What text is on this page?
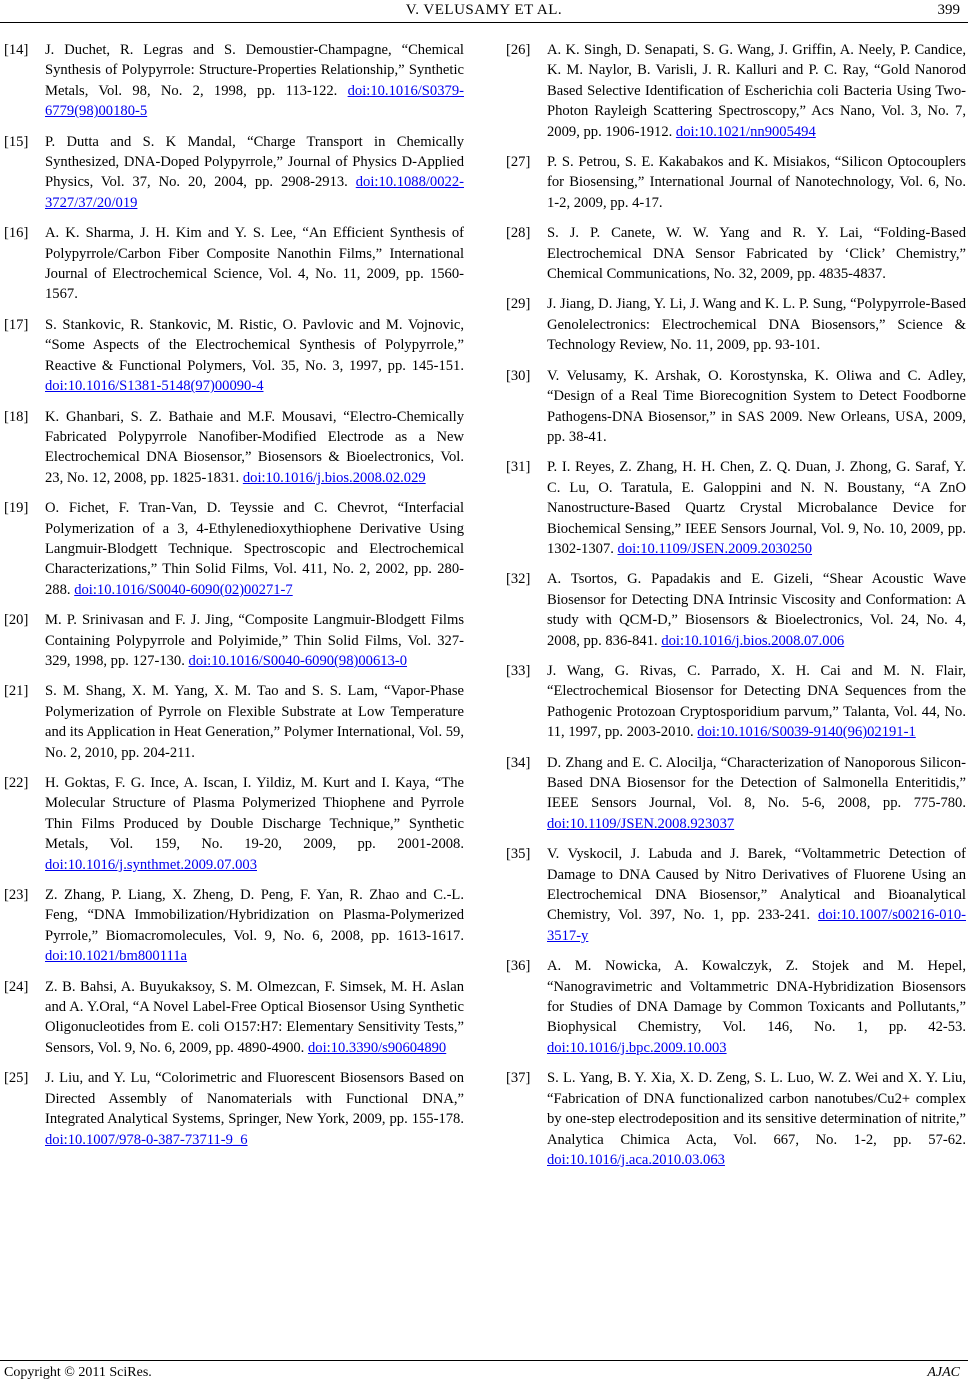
V. VELUSAMY ET AL.	399
[14] J. Duchet, R. Legras and S. Demoustier-Champagne, “Chemical Synthesis of Polypyrrole: Structure-Properties Relationship,” Synthetic Metals, Vol. 98, No. 2, 1998, pp. 113-122. doi:10.1016/S0379-6779(98)00180-5
[15] P. Dutta and S. K Mandal, “Charge Transport in Chemically Synthesized, DNA-Doped Polypyrrole,” Journal of Physics D-Applied Physics, Vol. 37, No. 20, 2004, pp. 2908-2913. doi:10.1088/0022-3727/37/20/019
[16] A. K. Sharma, J. H. Kim and Y. S. Lee, “An Efficient Synthesis of Polypyrrole/Carbon Fiber Composite Nanothin Films,” International Journal of Electrochemical Science, Vol. 4, No. 11, 2009, pp. 1560-1567.
[17] S. Stankovic, R. Stankovic, M. Ristic, O. Pavlovic and M. Vojnovic, “Some Aspects of the Electrochemical Synthesis of Polypyrrole,” Reactive & Functional Polymers, Vol. 35, No. 3, 1997, pp. 145-151. doi:10.1016/S1381-5148(97)00090-4
[18] K. Ghanbari, S. Z. Bathaie and M.F. Mousavi, “Electro-Chemically Fabricated Polypyrrole Nanofiber-Modified Electrode as a New Electrochemical DNA Biosensor,” Biosensors & Bioelectronics, Vol. 23, No. 12, 2008, pp. 1825-1831. doi:10.1016/j.bios.2008.02.029
[19] O. Fichet, F. Tran-Van, D. Teyssie and C. Chevrot, “Interfacial Polymerization of a 3, 4-Ethylenedioxythiophene Derivative Using Langmuir-Blodgett Technique. Spectroscopic and Electrochemical Characterizations,” Thin Solid Films, Vol. 411, No. 2, 2002, pp. 280-288. doi:10.1016/S0040-6090(02)00271-7
[20] M. P. Srinivasan and F. J. Jing, “Composite Langmuir-Blodgett Films Containing Polypyrrole and Polyimide,” Thin Solid Films, Vol. 327-329, 1998, pp. 127-130. doi:10.1016/S0040-6090(98)00613-0
[21] S. M. Shang, X. M. Yang, X. M. Tao and S. S. Lam, “Vapor-Phase Polymerization of Pyrrole on Flexible Substrate at Low Temperature and its Application in Heat Generation,” Polymer International, Vol. 59, No. 2, 2010, pp. 204-211.
[22] H. Goktas, F. G. Ince, A. Iscan, I. Yildiz, M. Kurt and I. Kaya, “The Molecular Structure of Plasma Polymerized Thiophene and Pyrrole Thin Films Produced by Double Discharge Technique,” Synthetic Metals, Vol. 159, No. 19-20, 2009, pp. 2001-2008. doi:10.1016/j.synthmet.2009.07.003
[23] Z. Zhang, P. Liang, X. Zheng, D. Peng, F. Yan, R. Zhao and C.-L. Feng, “DNA Immobilization/Hybridization on Plasma-Polymerized Pyrrole,” Biomacromolecules, Vol. 9, No. 6, 2008, pp. 1613-1617. doi:10.1021/bm800111a
[24] Z. B. Bahsi, A. Buyukaksoy, S. M. Olmezcan, F. Simsek, M. H. Aslan and A. Y.Oral, “A Novel Label-Free Optical Biosensor Using Synthetic Oligonucleotides from E. coli O157:H7: Elementary Sensitivity Tests,” Sensors, Vol. 9, No. 6, 2009, pp. 4890-4900. doi:10.3390/s90604890
[25] J. Liu, and Y. Lu, “Colorimetric and Fluorescent Biosensors Based on Directed Assembly of Nanomaterials with Functional DNA,” Integrated Analytical Systems, Springer, New York, 2009, pp. 155-178. doi:10.1007/978-0-387-73711-9_6
[26] A. K. Singh, D. Senapati, S. G. Wang, J. Griffin, A. Neely, P. Candice, K. M. Naylor, B. Varisli, J. R. Kalluri and P. C. Ray, “Gold Nanorod Based Selective Identification of Escherichia coli Bacteria Using Two-Photon Rayleigh Scattering Spectroscopy,” Acs Nano, Vol. 3, No. 7, 2009, pp. 1906-1912. doi:10.1021/nn9005494
[27] P. S. Petrou, S. E. Kakabakos and K. Misiakos, “Silicon Optocouplers for Biosensing,” International Journal of Nanotechnology, Vol. 6, No. 1-2, 2009, pp. 4-17.
[28] S. J. P. Canete, W. W. Yang and R. Y. Lai, “Folding-Based Electrochemical DNA Sensor Fabricated by ‘Click’ Chemistry,” Chemical Communications, No. 32, 2009, pp. 4835-4837.
[29] J. Jiang, D. Jiang, Y. Li, J. Wang and K. L. P. Sung, “Polypyrrole-Based Genolelectronics: Electrochemical DNA Biosensors,” Science & Technology Review, No. 11, 2009, pp. 93-101.
[30] V. Velusamy, K. Arshak, O. Korostynska, K. Oliwa and C. Adley, “Design of a Real Time Biorecognition System to Detect Foodborne Pathogens-DNA Biosensor,” in SAS 2009. New Orleans, USA, 2009, pp. 38-41.
[31] P. I. Reyes, Z. Zhang, H. H. Chen, Z. Q. Duan, J. Zhong, G. Saraf, Y. C. Lu, O. Taratula, E. Galoppini and N. N. Boustany, “A ZnO Nanostructure-Based Quartz Crystal Microbalance Device for Biochemical Sensing,” IEEE Sensors Journal, Vol. 9, No. 10, 2009, pp. 1302-1307. doi:10.1109/JSEN.2009.2030250
[32] A. Tsortos, G. Papadakis and E. Gizeli, “Shear Acoustic Wave Biosensor for Detecting DNA Intrinsic Viscosity and Conformation: A study with QCM-D,” Biosensors & Bioelectronics, Vol. 24, No. 4, 2008, pp. 836-841. doi:10.1016/j.bios.2008.07.006
[33] J. Wang, G. Rivas, C. Parrado, X. H. Cai and M. N. Flair, “Electrochemical Biosensor for Detecting DNA Sequences from the Pathogenic Protozoan Cryptosporidium parvum,” Talanta, Vol. 44, No. 11, 1997, pp. 2003-2010. doi:10.1016/S0039-9140(96)02191-1
[34] D. Zhang and E. C. Alocilja, “Characterization of Nanoporous Silicon-Based DNA Biosensor for the Detection of Salmonella Enteritidis,” IEEE Sensors Journal, Vol. 8, No. 5-6, 2008, pp. 775-780. doi:10.1109/JSEN.2008.923037
[35] V. Vyskocil, J. Labuda and J. Barek, “Voltammetric Detection of Damage to DNA Caused by Nitro Derivatives of Fluorene Using an Electrochemical DNA Biosensor,” Analytical and Bioanalytical Chemistry, Vol. 397, No. 1, pp. 233-241. doi:10.1007/s00216-010-3517-y
[36] A. M. Nowicka, A. Kowalczyk, Z. Stojek and M. Hepel, “Nanogravimetric and Voltammetric DNA-Hybridization Biosensors for Studies of DNA Damage by Common Toxicants and Pollutants,” Biophysical Chemistry, Vol. 146, No. 1, pp. 42-53. doi:10.1016/j.bpc.2009.10.003
[37] S. L. Yang, B. Y. Xia, X. D. Zeng, S. L. Luo, W. Z. Wei and X. Y. Liu, “Fabrication of DNA functionalized carbon nanotubes/Cu2+ complex by one-step electrodeposition and its sensitive determination of nitrite,” Analytica Chimica Acta, Vol. 667, No. 1-2, pp. 57-62. doi:10.1016/j.aca.2010.03.063
Copyright © 2011 SciRes.	AJAC
